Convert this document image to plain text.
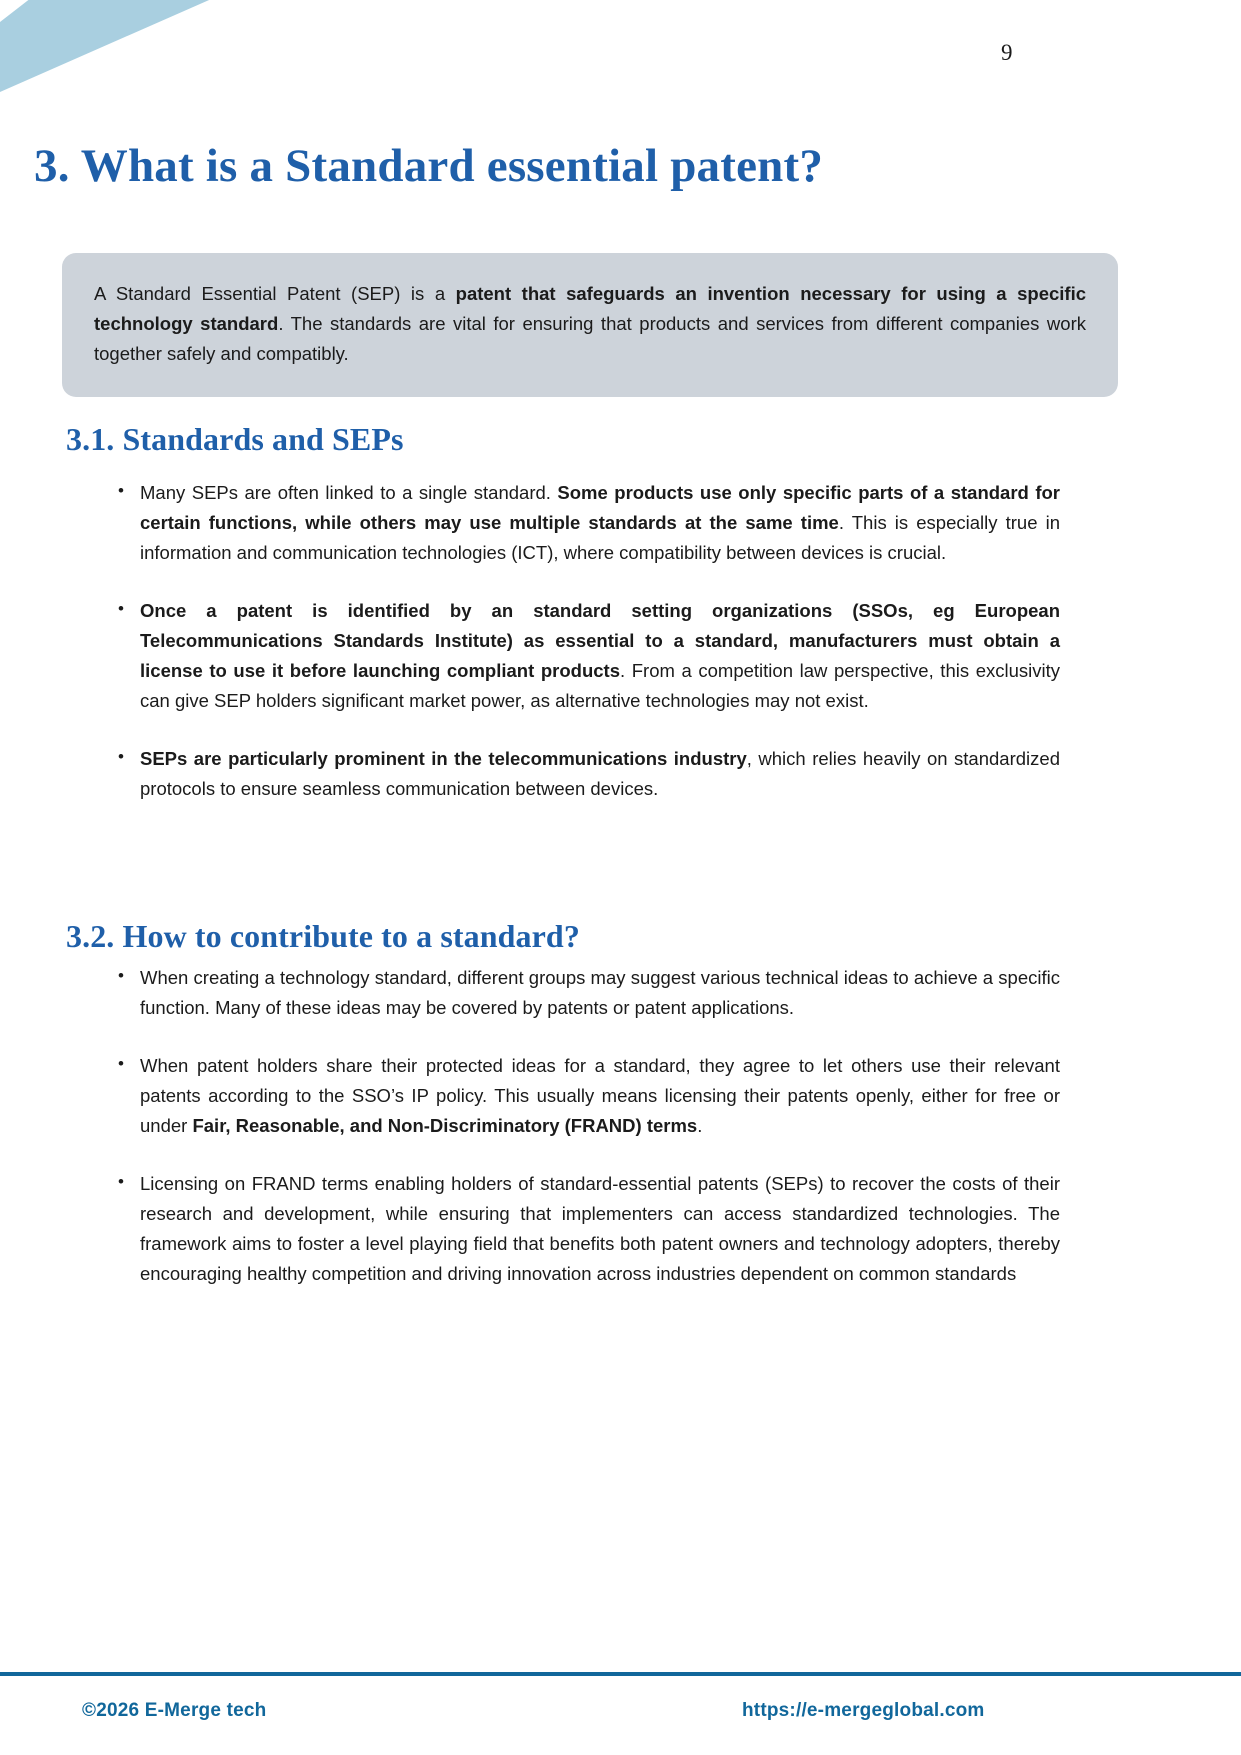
9
3. What is a Standard essential patent?

A Standard Essential Patent (SEP) is a patent that safeguards an invention necessary for using a specific technology standard. The standards are vital for ensuring that products and services from different companies work together safely and compatibly.

3.1. Standards and SEPs
• Many SEPs are often linked to a single standard. Some products use only specific parts of a standard for certain functions, while others may use multiple standards at the same time. This is especially true in information and communication technologies (ICT), where compatibility between devices is crucial.
• Once a patent is identified by an standard setting organizations (SSOs, eg European Telecommunications Standards Institute) as essential to a standard, manufacturers must obtain a license to use it before launching compliant products. From a competition law perspective, this exclusivity can give SEP holders significant market power, as alternative technologies may not exist.
• SEPs are particularly prominent in the telecommunications industry, which relies heavily on standardized protocols to ensure seamless communication between devices.
3.2. How to contribute to a standard?
• When creating a technology standard, different groups may suggest various technical ideas to achieve a specific function. Many of these ideas may be covered by patents or patent applications.
• When patent holders share their protected ideas for a standard, they agree to let others use their relevant patents according to the SSO’s IP policy. This usually means licensing their patents openly, either for free or under Fair, Reasonable, and Non-Discriminatory (FRAND) terms.
• Licensing on FRAND terms enabling holders of standard-essential patents (SEPs) to recover the costs of their research and development, while ensuring that implementers can access standardized technologies. The framework aims to foster a level playing field that benefits both patent owners and technology adopters, thereby encouraging healthy competition and driving innovation across industries dependent on common standards
©2026 E-Merge tech	https://e-mergeglobal.com
